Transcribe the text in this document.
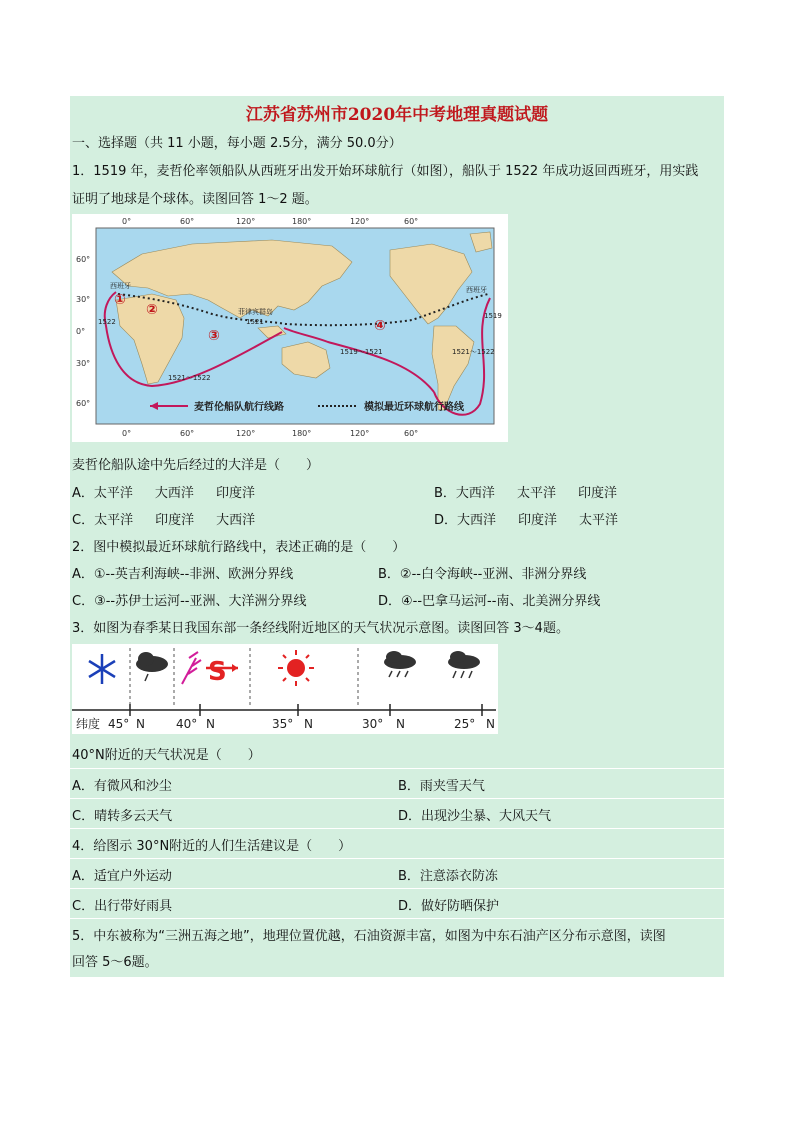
江苏省苏州市2020年中考地理真题试题
一、选择题（共 11 小题，每小题 2.5分，满分 50.0分）
1．1519 年，麦哲伦率领船队从西班牙出发开始环球航行（如图），船队于 1522 年成功返回西班牙，用实践
证明了地球是个球体。读图回答 1～2 题。
0°	60°	120°	180°	120°	60°
0°	60°	120°	180°	120°	60°
60°
30°
0°
30°
60°
①
②
③
④
西班牙	西班牙
菲律宾群岛
1521
1519～1521
1521～1522
1521～1522
1522
1519
麦哲伦船队航行线路	模拟最近环球航行路线
麦哲伦船队途中先后经过的大洋是（　　）
A．太平洋 大西洋 印度洋	B．大西洋 太平洋 印度洋
C．太平洋 印度洋 大西洋	D．大西洋 印度洋 太平洋
2．图中模拟最近环球航行路线中，表述正确的是（　　）
A．①--英吉利海峡--非洲、欧洲分界线	B．②--白令海峡--亚洲、非洲分界线
C．③--苏伊士运河--亚洲、大洋洲分界线	D．④--巴拿马运河--南、北美洲分界线
3．如图为春季某日我国东部一条经线附近地区的天气状况示意图。读图回答 3～4题。
S
纬度 45° N	40° N	35° N	30° N	25° N
40°N附近的天气状况是（　　）
A．有微风和沙尘	B．雨夹雪天气
C．晴转多云天气	D．出现沙尘暴、大风天气
4．给图示 30°N附近的人们生活建议是（　　）
A．适宜户外运动	B．注意添衣防冻
C．出行带好雨具	D．做好防晒保护
5．中东被称为“三洲五海之地”，地理位置优越，石油资源丰富，如图为中东石油产区分布示意图，读图
回答 5～6题。
